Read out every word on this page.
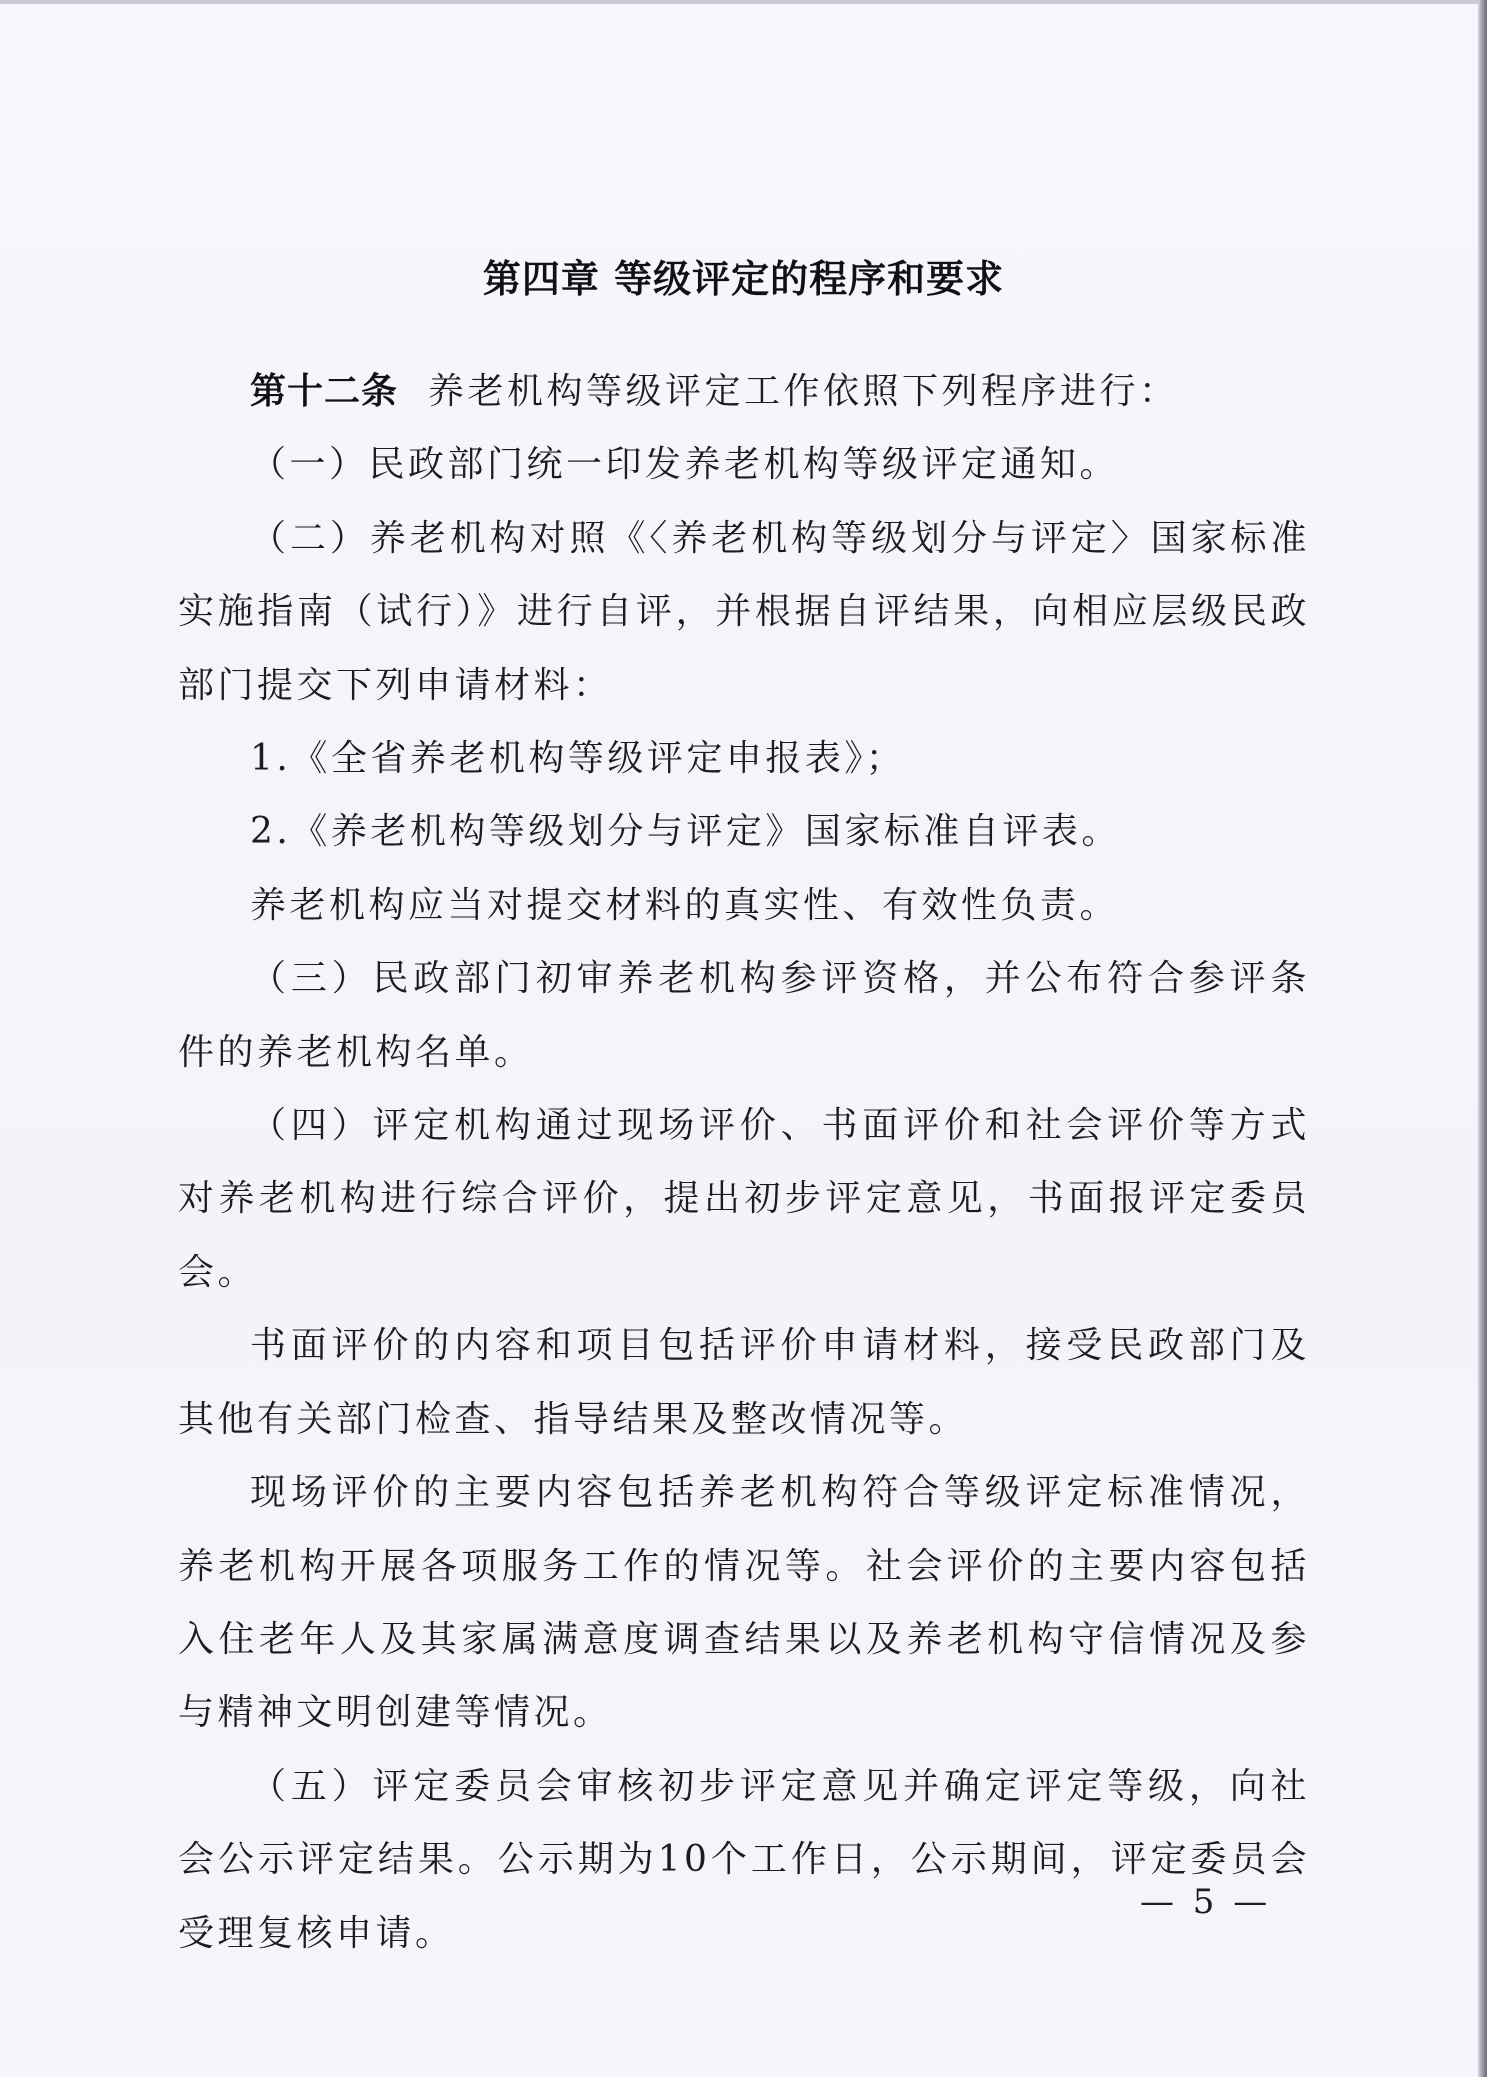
第四章 等级评定的程序和要求

第十二条 养老机构等级评定工作依照下列程序进行：

（一）民政部门统一印发养老机构等级评定通知。

（二）养老机构对照《〈养老机构等级划分与评定〉国家标准实施指南（试行）》进行自评，并根据自评结果，向相应层级民政部门提交下列申请材料：

1.《全省养老机构等级评定申报表》；

2.《养老机构等级划分与评定》国家标准自评表。

养老机构应当对提交材料的真实性、有效性负责。

（三）民政部门初审养老机构参评资格，并公布符合参评条件的养老机构名单。

（四）评定机构通过现场评价、书面评价和社会评价等方式对养老机构进行综合评价，提出初步评定意见，书面报评定委员会。

书面评价的内容和项目包括评价申请材料，接受民政部门及其他有关部门检查、指导结果及整改情况等。

现场评价的主要内容包括养老机构符合等级评定标准情况，养老机构开展各项服务工作的情况等。社会评价的主要内容包括入住老年人及其家属满意度调查结果以及养老机构守信情况及参与精神文明创建等情况。

（五）评定委员会审核初步评定意见并确定评定等级，向社会公示评定结果。公示期为10个工作日，公示期间，评定委员会受理复核申请。

— 5 —
